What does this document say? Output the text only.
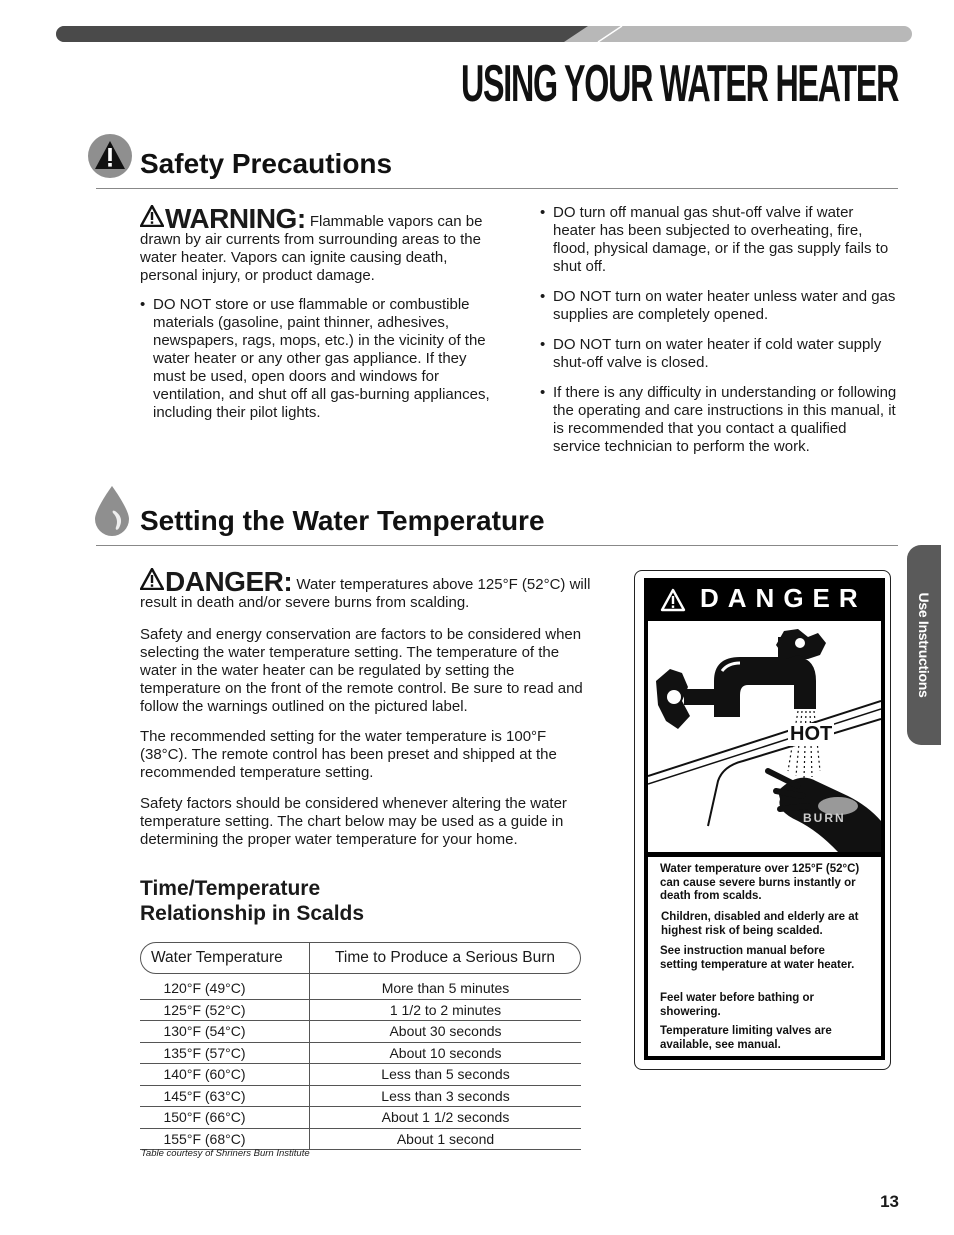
USING YOUR WATER HEATER
Safety Precautions
WARNING: Flammable vapors can be drawn by air currents from surrounding areas to the water heater. Vapors can ignite causing death, personal injury, or product damage.
• DO NOT store or use flammable or combustible materials (gasoline, paint thinner, adhesives, newspapers, rags, mops, etc.) in the vicinity of the water heater or any other gas appliance. If they must be used, open doors and windows for ventilation, and shut off all gas-burning appliances, including their pilot lights.
• DO turn off manual gas shut-off valve if water heater has been subjected to overheating, fire, flood, physical damage, or if the gas supply fails to shut off.
• DO NOT turn on water heater unless water and gas supplies are completely opened.
• DO NOT turn on water heater if cold water supply shut-off valve is closed.
• If there is any difficulty in understanding or following the operating and care instructions in this manual, it is recommended that you contact a qualified service technician to perform the work.
Setting the Water Temperature
DANGER: Water temperatures above 125°F (52°C) will result in death and/or severe burns from scalding.
Safety and energy conservation are factors to be considered when selecting the water temperature setting. The temperature of the water in the water heater can be regulated by setting the temperature on the front of the remote control. Be sure to read and follow the warnings outlined on the pictured label.
The recommended setting for the water temperature is 100°F (38°C). The remote control has been preset and shipped at the recommended temperature setting.
Safety factors should be considered whenever altering the water temperature setting. The chart below may be used as a guide in determining the proper water temperature for your home.
Time/Temperature
Relationship in Scalds
Water Temperature	Time to Produce a Serious Burn
120°F (49°C)	More than 5 minutes
125°F (52°C)	1 1/2 to 2 minutes
130°F (54°C)	About 30 seconds
135°F (57°C)	About 10 seconds
140°F (60°C)	Less than 5 seconds
145°F (63°C)	Less than 3 seconds
150°F (66°C)	About 1 1/2 seconds
155°F (68°C)	About 1 second
Table courtesy of Shriners Burn Institute
DANGER
HOT
BURN
Water temperature over 125°F (52°C) can cause severe burns instantly or death from scalds.
Children, disabled and elderly are at highest risk of being scalded.
See instruction manual before setting temperature at water heater.
Feel water before bathing or showering.
Temperature limiting valves are available, see manual.
Use Instructions
13
